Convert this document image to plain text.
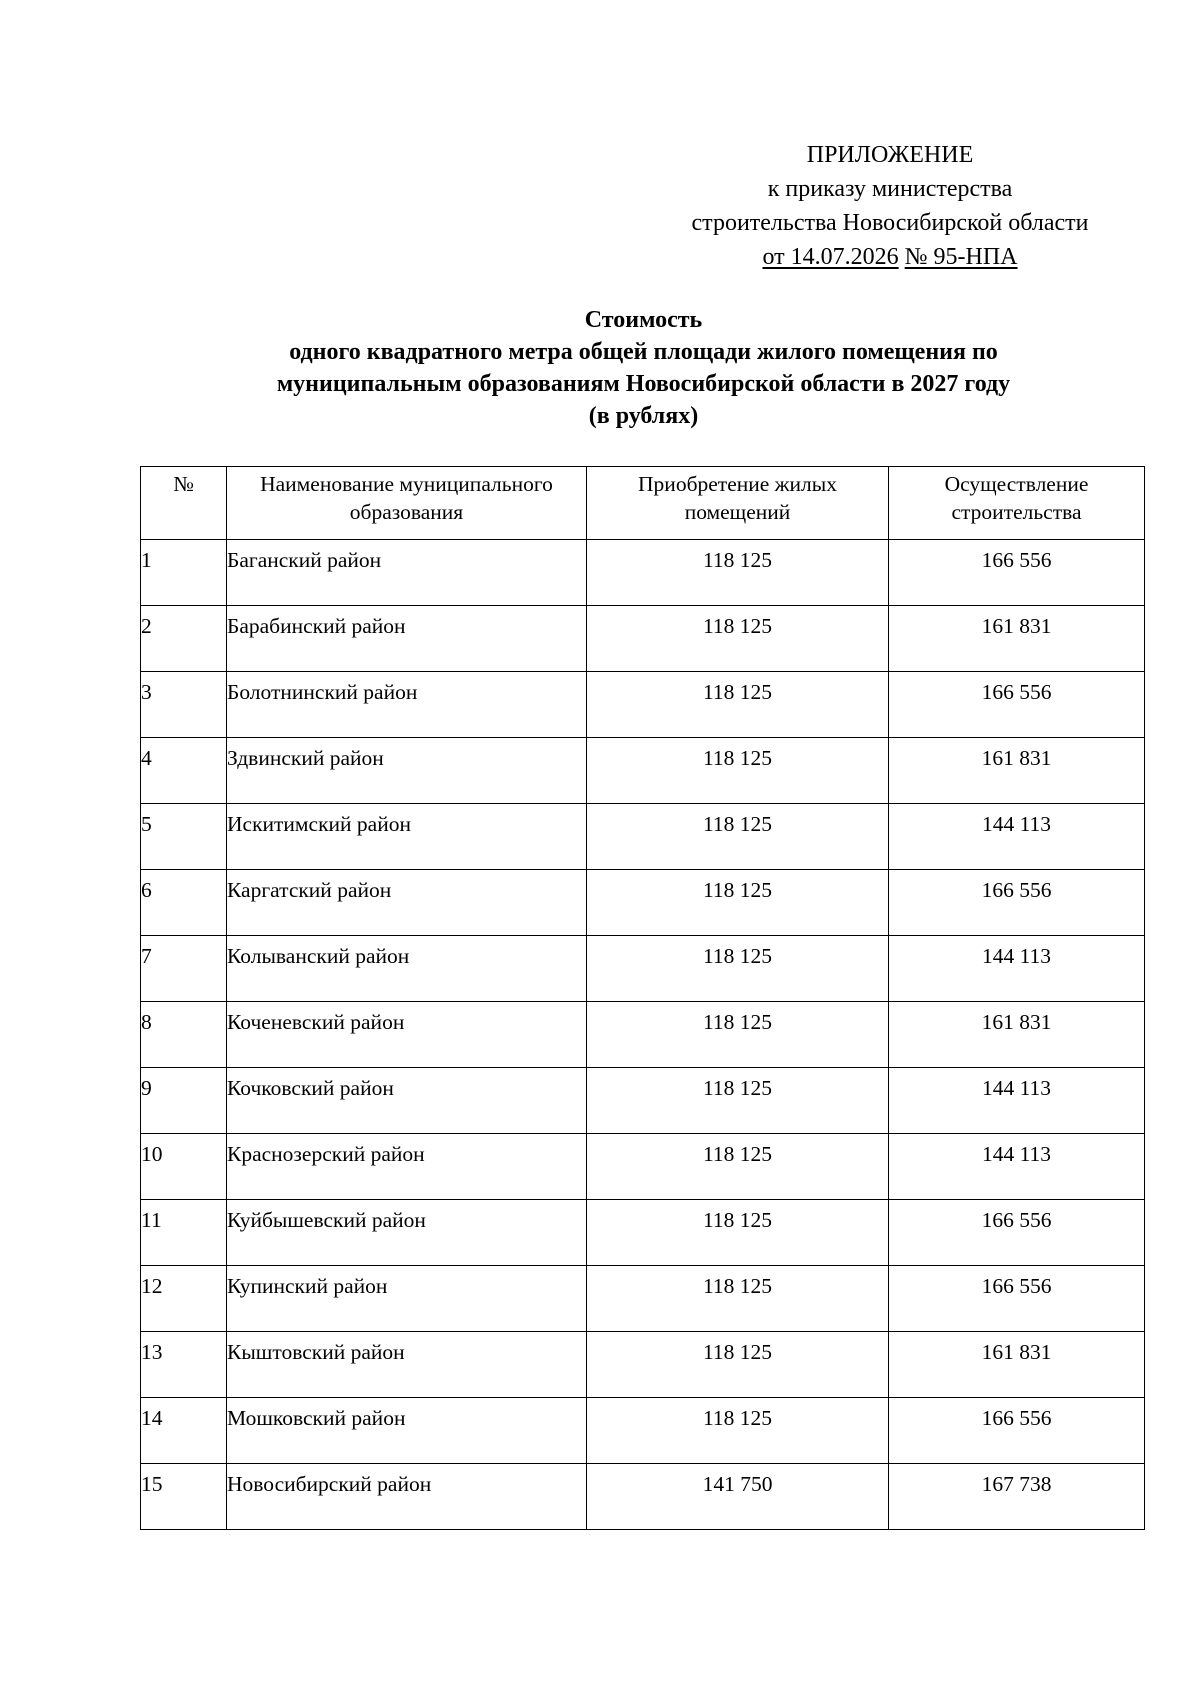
ПРИЛОЖЕНИЕ
к приказу министерства
строительства Новосибирской области
от 14.07.2026 № 95-НПА
Стоимость
одного квадратного метра общей площади жилого помещения по
муниципальным образованиям Новосибирской области в 2027 году
(в рублях)
№	Наименование муниципального образования	Приобретение жилых помещений	Осуществление строительства
1	Баганский район	118 125	166 556
2	Барабинский район	118 125	161 831
3	Болотнинский район	118 125	166 556
4	Здвинский район	118 125	161 831
5	Искитимский район	118 125	144 113
6	Каргатский район	118 125	166 556
7	Колыванский район	118 125	144 113
8	Коченевский район	118 125	161 831
9	Кочковский район	118 125	144 113
10	Краснозерский район	118 125	144 113
11	Куйбышевский район	118 125	166 556
12	Купинский район	118 125	166 556
13	Кыштовский район	118 125	161 831
14	Мошковский район	118 125	166 556
15	Новосибирский район	141 750	167 738
